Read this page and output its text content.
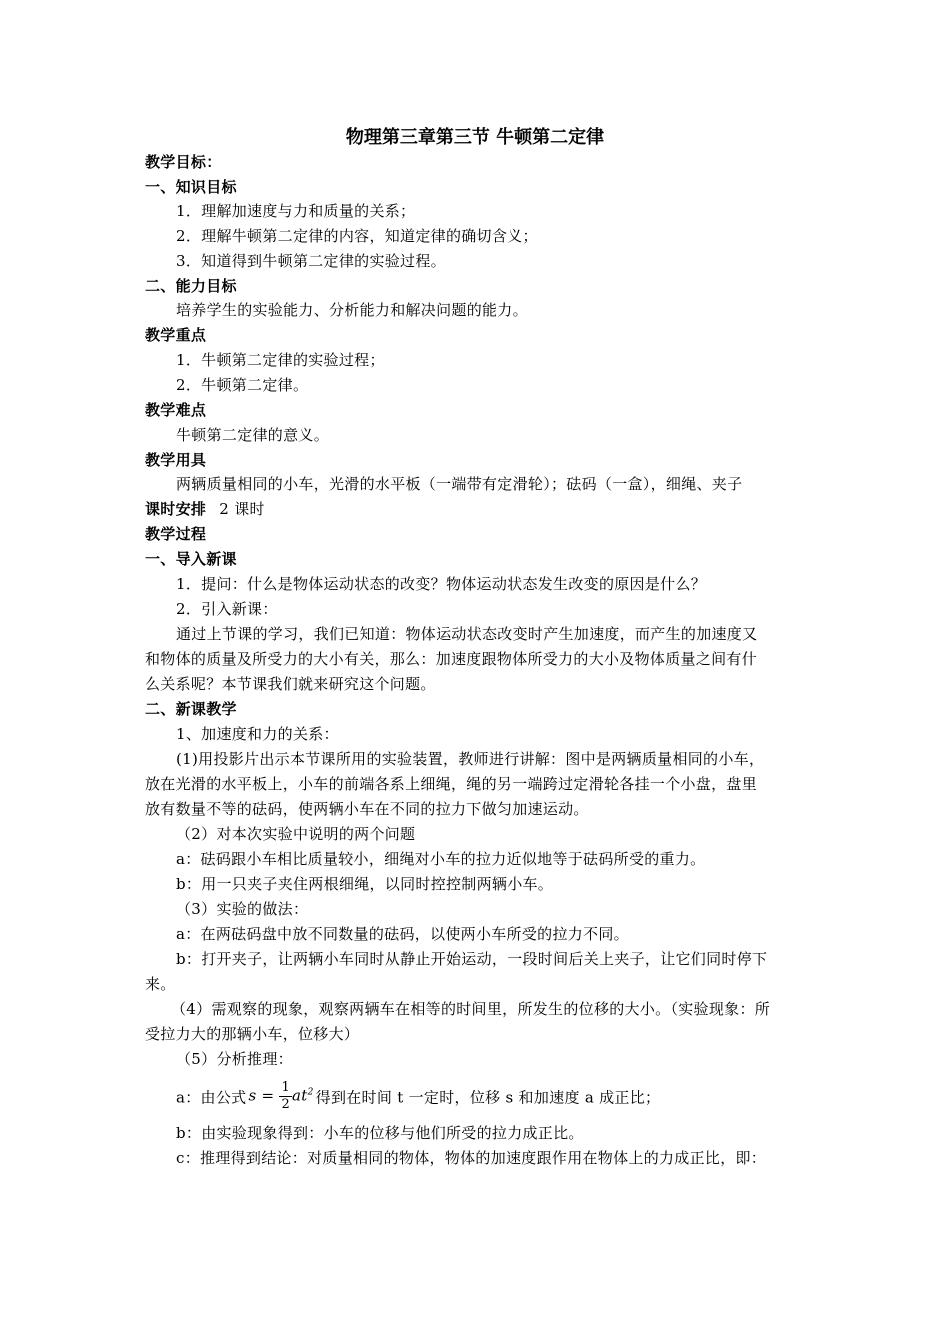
物理第三章第三节 牛顿第二定律
教学目标：
一、知识目标
1．理解加速度与力和质量的关系；
2．理解牛顿第二定律的内容，知道定律的确切含义；
3．知道得到牛顿第二定律的实验过程。
二、能力目标
培养学生的实验能力、分析能力和解决问题的能力。
教学重点
1．牛顿第二定律的实验过程；
2．牛顿第二定律。
教学难点
牛顿第二定律的意义。
教学用具
两辆质量相同的小车，光滑的水平板（一端带有定滑轮）；砝码（一盒），细绳、夹子
课时安排 2 课时
教学过程
一、导入新课
1．提问：什么是物体运动状态的改变？物体运动状态发生改变的原因是什么？
2．引入新课：
通过上节课的学习，我们已知道：物体运动状态改变时产生加速度，而产生的加速度又
和物体的质量及所受力的大小有关，那么：加速度跟物体所受力的大小及物体质量之间有什
么关系呢？本节课我们就来研究这个问题。
二、新课教学
1、加速度和力的关系：
(1)用投影片出示本节课所用的实验装置，教师进行讲解：图中是两辆质量相同的小车，
放在光滑的水平板上，小车的前端各系上细绳，绳的另一端跨过定滑轮各挂一个小盘，盘里
放有数量不等的砝码，使两辆小车在不同的拉力下做匀加速运动。
（2）对本次实验中说明的两个问题
a：砝码跟小车相比质量较小，细绳对小车的拉力近似地等于砝码所受的重力。
b：用一只夹子夹住两根细绳，以同时控控制两辆小车。
（3）实验的做法：
a：在两砝码盘中放不同数量的砝码，以使两小车所受的拉力不同。
b：打开夹子，让两辆小车同时从静止开始运动，一段时间后关上夹子，让它们同时停下
来。
（4）需观察的现象，观察两辆车在相等的时间里，所发生的位移的大小。（实验现象：所
受拉力大的那辆小车，位移大）
（5）分析推理：
a：由公式 $s = \frac{1}{2} at^2$ 得到在时间 t 一定时，位移 s 和加速度 a 成正比；
b：由实验现象得到：小车的位移与他们所受的拉力成正比。
c：推理得到结论：对质量相同的物体，物体的加速度跟作用在物体上的力成正比，即：
